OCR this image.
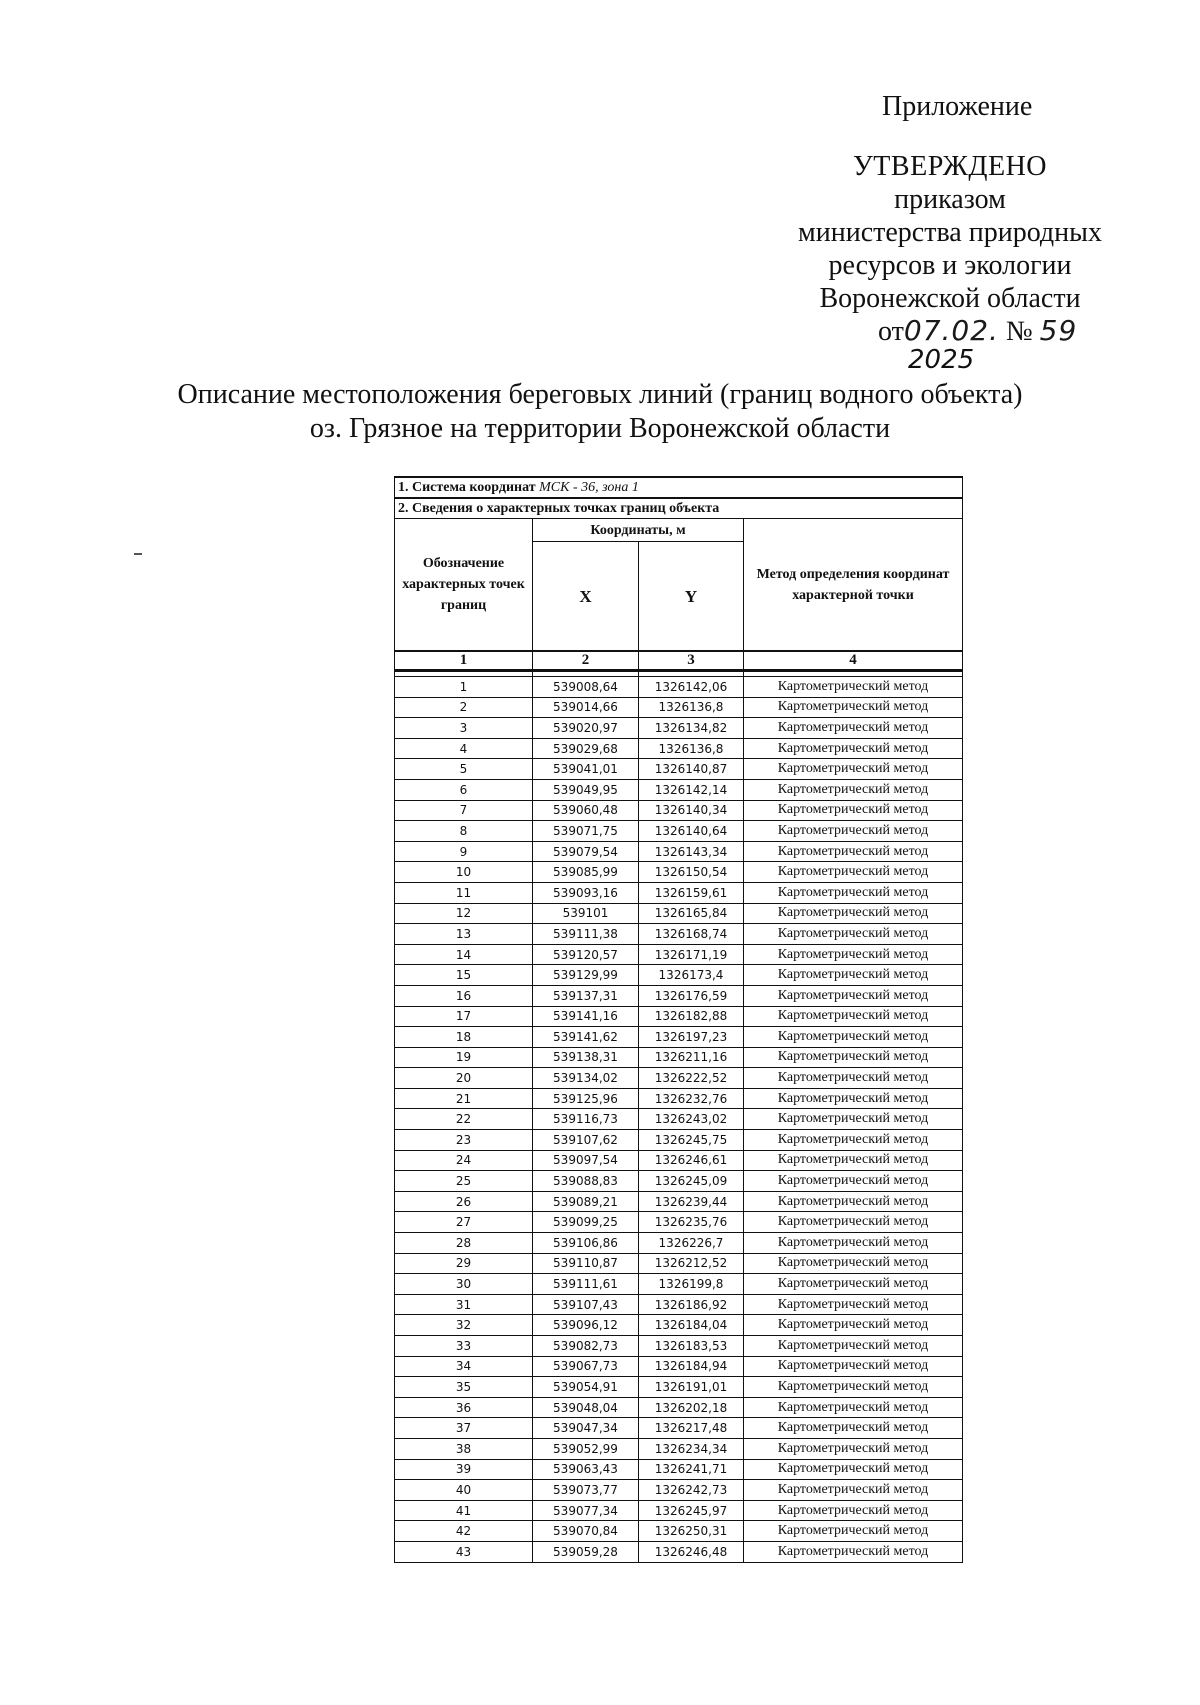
Приложение
УТВЕРЖДЕНО
приказом
министерства природных
ресурсов и экологии
Воронежской области
от07.02. № 59
2025
Описание местоположения береговых линий (границ водного объекта)
оз. Грязное на территории Воронежской области
1. Система координат МСК - 36, зона 1			
2. Сведения о характерных точках границ объекта			
Обозначение характерных точек границ	Координаты, м		Метод определения координат характерной точки
	X	Y	
1	2	3	4

1	539008,64	1326142,06	Картометрический метод
2	539014,66	1326136,8	Картометрический метод
3	539020,97	1326134,82	Картометрический метод
4	539029,68	1326136,8	Картометрический метод
5	539041,01	1326140,87	Картометрический метод
6	539049,95	1326142,14	Картометрический метод
7	539060,48	1326140,34	Картометрический метод
8	539071,75	1326140,64	Картометрический метод
9	539079,54	1326143,34	Картометрический метод
10	539085,99	1326150,54	Картометрический метод
11	539093,16	1326159,61	Картометрический метод
12	539101	1326165,84	Картометрический метод
13	539111,38	1326168,74	Картометрический метод
14	539120,57	1326171,19	Картометрический метод
15	539129,99	1326173,4	Картометрический метод
16	539137,31	1326176,59	Картометрический метод
17	539141,16	1326182,88	Картометрический метод
18	539141,62	1326197,23	Картометрический метод
19	539138,31	1326211,16	Картометрический метод
20	539134,02	1326222,52	Картометрический метод
21	539125,96	1326232,76	Картометрический метод
22	539116,73	1326243,02	Картометрический метод
23	539107,62	1326245,75	Картометрический метод
24	539097,54	1326246,61	Картометрический метод
25	539088,83	1326245,09	Картометрический метод
26	539089,21	1326239,44	Картометрический метод
27	539099,25	1326235,76	Картометрический метод
28	539106,86	1326226,7	Картометрический метод
29	539110,87	1326212,52	Картометрический метод
30	539111,61	1326199,8	Картометрический метод
31	539107,43	1326186,92	Картометрический метод
32	539096,12	1326184,04	Картометрический метод
33	539082,73	1326183,53	Картометрический метод
34	539067,73	1326184,94	Картометрический метод
35	539054,91	1326191,01	Картометрический метод
36	539048,04	1326202,18	Картометрический метод
37	539047,34	1326217,48	Картометрический метод
38	539052,99	1326234,34	Картометрический метод
39	539063,43	1326241,71	Картометрический метод
40	539073,77	1326242,73	Картометрический метод
41	539077,34	1326245,97	Картометрический метод
42	539070,84	1326250,31	Картометрический метод
43	539059,28	1326246,48	Картометрический метод
